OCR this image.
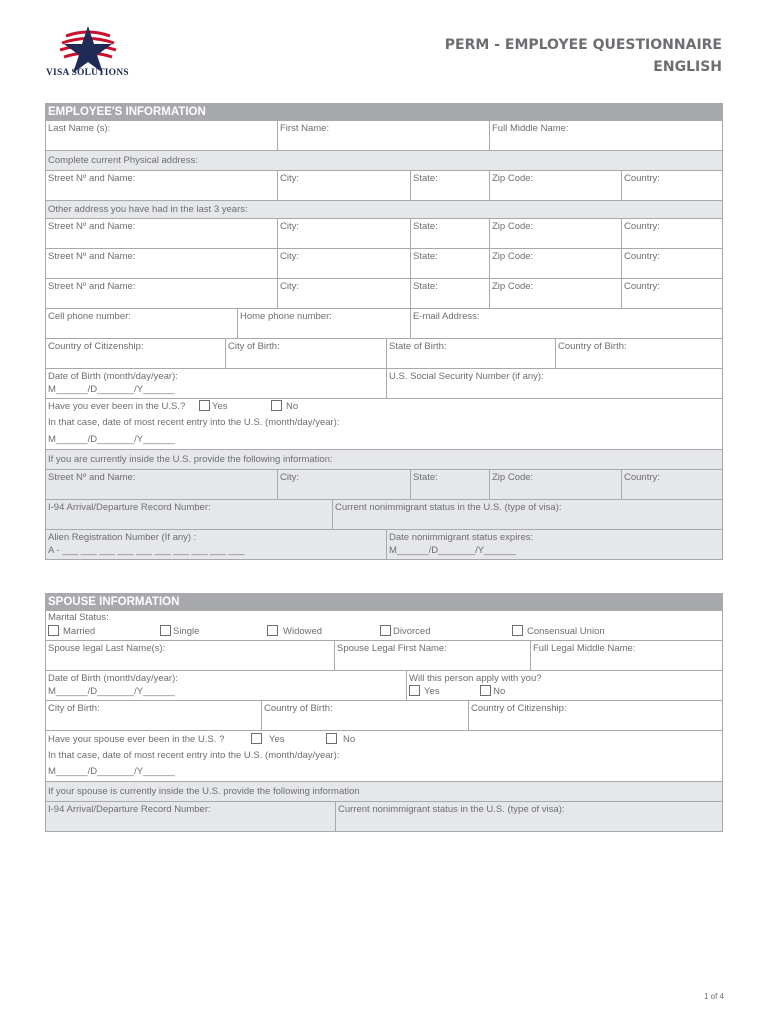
VISA SOLUTIONS
PERM - EMPLOYEE QUESTIONNAIRE
ENGLISH
EMPLOYEE'S INFORMATION
Last Name (s):	First Name:	Full Middle Name:
Complete current Physical address:
Street Nº and Name:	City:	State:	Zip Code:	Country:
Other address you have had in the last 3 years:
Street Nº and Name:	City:	State:	Zip Code:	Country:
Street Nº and Name:	City:	State:	Zip Code:	Country:
Street Nº and Name:	City:	State:	Zip Code:	Country:
Cell phone number:	Home phone number:	E-mail Address:
Country of Citizenship:	City of Birth:	State of Birth:	Country of Birth:
Date of Birth (month/day/year):
M______/D_______/Y______
U.S. Social Security Number (if any):
Have you ever been in the U.S.?	Yes	No
In that case, date of most recent entry into the U.S. (month/day/year):
M______/D_______/Y______
If you are currently inside the U.S. provide the following information:
Street Nº and Name:	City:	State:	Zip Code:	Country:
I-94 Arrival/Departure Record Number:	Current nonimmigrant status in the U.S. (type of visa):
Alien Registration Number (If any) :
A - ___ ___ ___ ___ ___ ___ ___ ___ ___ ___
Date nonimmigrant status expires:
M______/D_______/Y______
SPOUSE INFORMATION
Marital Status:
Married	Single	Widowed	Divorced	Consensual Union
Spouse legal Last Name(s):	Spouse Legal First Name:	Full Legal Middle Name:
Date of Birth (month/day/year):
M______/D_______/Y______
Will this person apply with you?
Yes	No
City of Birth:	Country of Birth:	Country of Citizenship:
Have your spouse ever been in the U.S. ?	Yes	No
In that case, date of most recent entry into the U.S. (month/day/year):
M______/D_______/Y______
If your spouse is currently inside the U.S. provide the following information
I-94 Arrival/Departure Record Number:	Current nonimmigrant status in the U.S. (type of visa):
1 of 4
